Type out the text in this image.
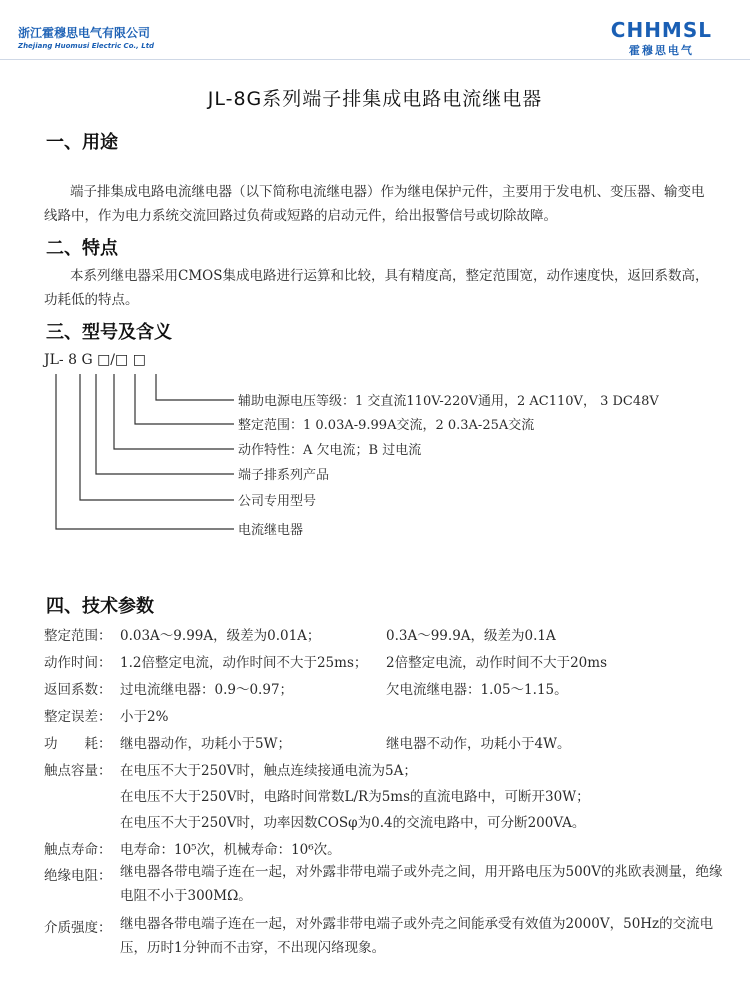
浙江霍穆思电气有限公司
Zhejiang Huomusi Electric Co., Ltd
CHHMSL
霍穆思电气
JL-8G系列端子排集成电路电流继电器
一、用途
端子排集成电路电流继电器（以下简称电流继电器）作为继电保护元件，主要用于发电机、变压器、输变电线路中，作为电力系统交流回路过负荷或短路的启动元件，给出报警信号或切除故障。
二、特点
本系列继电器采用CMOS集成电路进行运算和比较，具有精度高，整定范围宽，动作速度快，返回系数高，功耗低的特点。
三、型号及含义
JL- 8 G □/□ □
辅助电源电压等级：1 交直流110V-220V通用，2 AC110V， 3 DC48V
整定范围：1 0.03A-9.99A交流，2 0.3A-25A交流
动作特性：A 欠电流；B 过电流
端子排系列产品
公司专用型号
电流继电器
四、技术参数
整定范围： 0.03A～9.99A，级差为0.01A；	0.3A～99.9A，级差为0.1A
动作时间： 1.2倍整定电流，动作时间不大于25ms； 2倍整定电流，动作时间不大于20ms
返回系数： 过电流继电器：0.9～0.97；	欠电流继电器：1.05～1.15。
整定误差： 小于2%
功　　耗： 继电器动作，功耗小于5W；	继电器不动作，功耗小于4W。
触点容量： 在电压不大于250V时，触点连续接通电流为5A；
在电压不大于250V时，电路时间常数L/R为5ms的直流电路中，可断开30W；
在电压不大于250V时，功率因数COSφ为0.4的交流电路中，可分断200VA。
触点寿命： 电寿命：10⁵次，机械寿命：10⁶次。
绝缘电阻： 继电器各带电端子连在一起，对外露非带电端子或外壳之间，用开路电压为500V的兆欧表测量，绝缘电阻不小于300MΩ。
介质强度： 继电器各带电端子连在一起，对外露非带电端子或外壳之间能承受有效值为2000V，50Hz的交流电压，历时1分钟而不击穿，不出现闪络现象。
